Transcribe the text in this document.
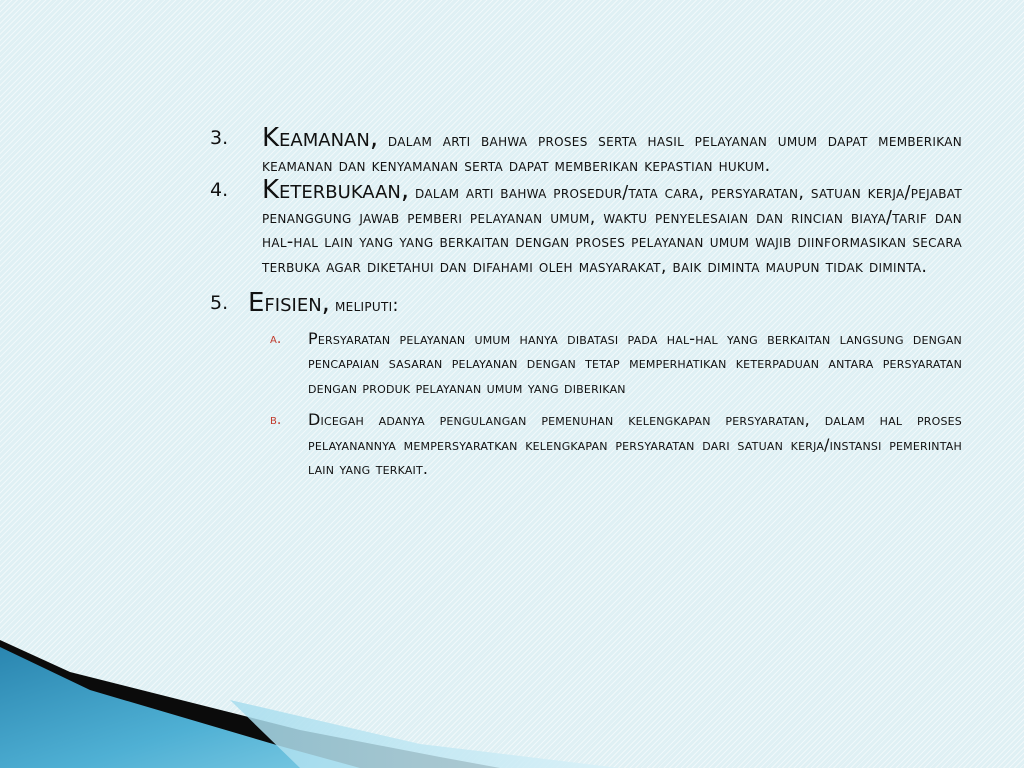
3. Keamanan, dalam arti bahwa proses serta hasil pelayanan umum dapat memberikan keamanan dan kenyamanan serta dapat memberikan kepastian hukum.
4. Keterbukaan, dalam arti bahwa prosedur/tata cara, persyaratan, satuan kerja/pejabat penanggung jawab pemberi pelayanan umum, waktu penyelesaian dan rincian biaya/tarif dan hal-hal lain yang yang berkaitan dengan proses pelayanan umum wajib diinformasikan secara terbuka agar diketahui dan difahami oleh masyarakat, baik diminta maupun tidak diminta.
5. Efisien, meliputi:
a. Persyaratan pelayanan umum hanya dibatasi pada hal-hal yang berkaitan langsung dengan pencapaian sasaran pelayanan dengan tetap memperhatikan keterpaduan antara persyaratan dengan produk pelayanan umum yang diberikan
b. Dicegah adanya pengulangan pemenuhan kelengkapan persyaratan, dalam hal proses pelayanannya mempersyaratkan kelengkapan persyaratan dari satuan kerja/instansi pemerintah lain yang terkait.
